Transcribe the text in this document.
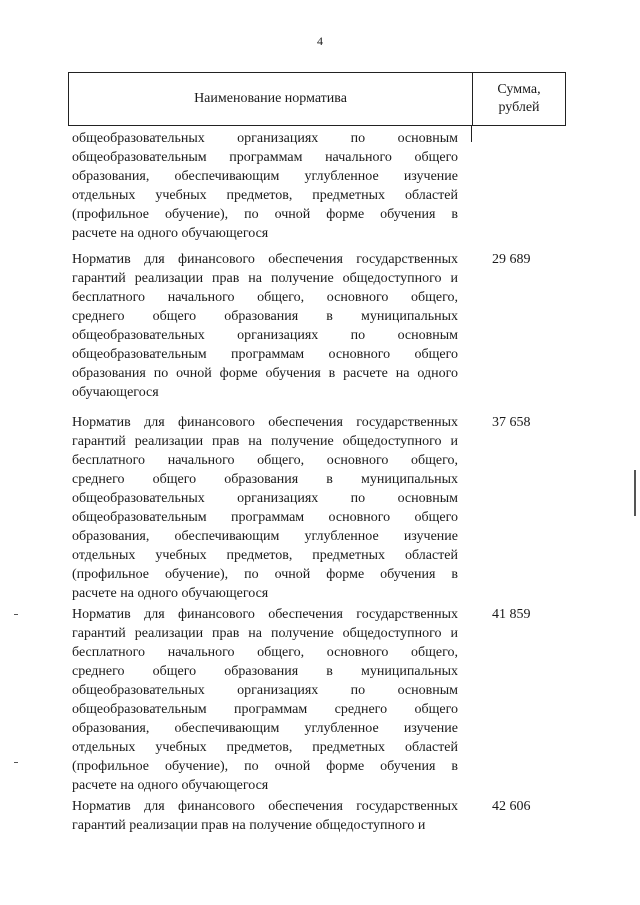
4
Наименование норматива
Сумма,
рублей
общеобразовательных организациях по основным
общеобразовательным программам начального общего
образования, обеспечивающим углубленное изучение
отдельных учебных предметов, предметных областей
(профильное обучение), по очной форме обучения в
расчете на одного обучающегося
Норматив для финансового обеспечения государственных
гарантий реализации прав на получение общедоступного и
бесплатного начального общего, основного общего,
среднего общего образования в муниципальных
общеобразовательных организациях по основным
общеобразовательным программам основного общего
образования по очной форме обучения в расчете на одного
обучающегося
29 689
Норматив для финансового обеспечения государственных
гарантий реализации прав на получение общедоступного и
бесплатного начального общего, основного общего,
среднего общего образования в муниципальных
общеобразовательных организациях по основным
общеобразовательным программам основного общего
образования, обеспечивающим углубленное изучение
отдельных учебных предметов, предметных областей
(профильное обучение), по очной форме обучения в
расчете на одного обучающегося
37 658
Норматив для финансового обеспечения государственных
гарантий реализации прав на получение общедоступного и
бесплатного начального общего, основного общего,
среднего общего образования в муниципальных
общеобразовательных организациях по основным
общеобразовательным программам среднего общего
образования, обеспечивающим углубленное изучение
отдельных учебных предметов, предметных областей
(профильное обучение), по очной форме обучения в
расчете на одного обучающегося
41 859
Норматив для финансового обеспечения государственных
гарантий реализации прав на получение общедоступного и
42 606
